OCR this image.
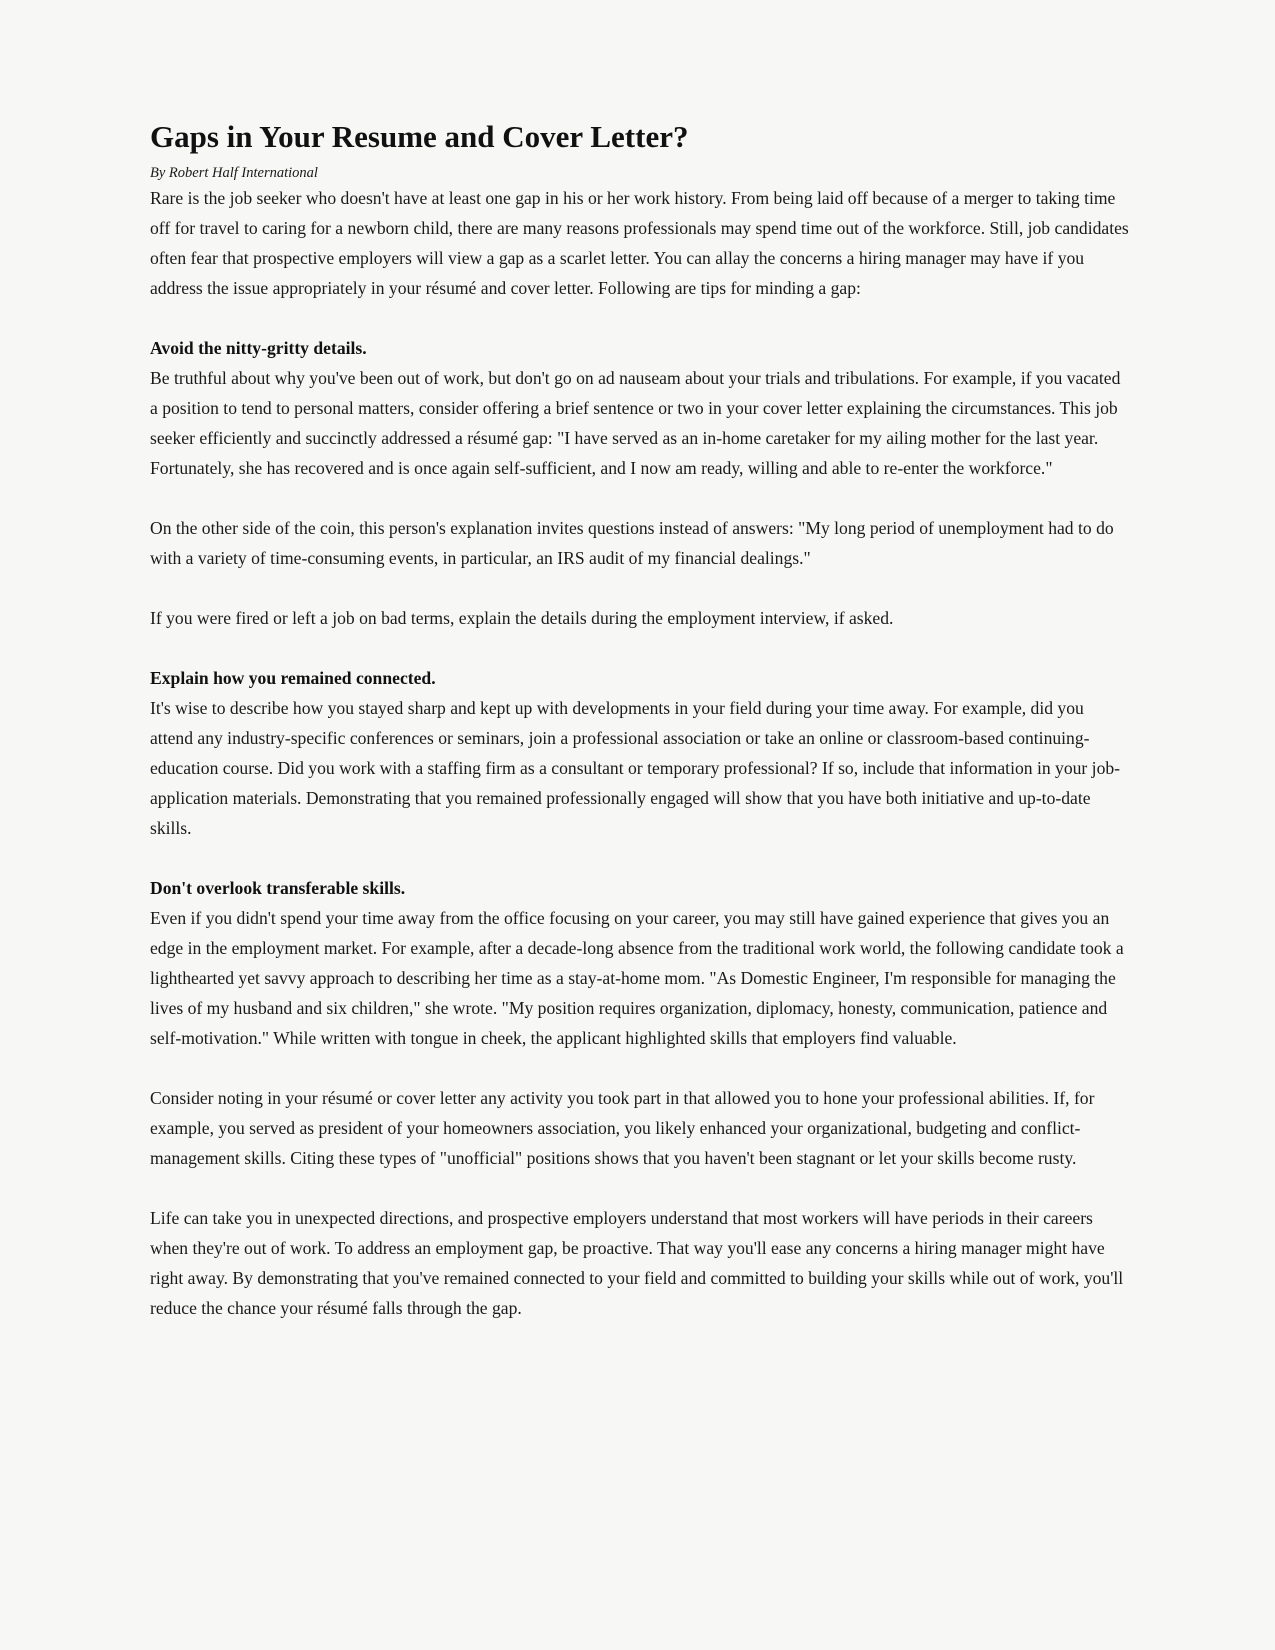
Gaps in Your Resume and Cover Letter?
By Robert Half International

Rare is the job seeker who doesn't have at least one gap in his or her work history. From being laid off because of a merger to taking time off for travel to caring for a newborn child, there are many reasons professionals may spend time out of the workforce. Still, job candidates often fear that prospective employers will view a gap as a scarlet letter. You can allay the concerns a hiring manager may have if you address the issue appropriately in your résumé and cover letter. Following are tips for minding a gap:

Avoid the nitty-gritty details.

Be truthful about why you've been out of work, but don't go on ad nauseam about your trials and tribulations. For example, if you vacated a position to tend to personal matters, consider offering a brief sentence or two in your cover letter explaining the circumstances. This job seeker efficiently and succinctly addressed a résumé gap: "I have served as an in-home caretaker for my ailing mother for the last year. Fortunately, she has recovered and is once again self-sufficient, and I now am ready, willing and able to re-enter the workforce."

On the other side of the coin, this person's explanation invites questions instead of answers: "My long period of unemployment had to do with a variety of time-consuming events, in particular, an IRS audit of my financial dealings."

If you were fired or left a job on bad terms, explain the details during the employment interview, if asked.

Explain how you remained connected.

It's wise to describe how you stayed sharp and kept up with developments in your field during your time away. For example, did you attend any industry-specific conferences or seminars, join a professional association or take an online or classroom-based continuing-education course. Did you work with a staffing firm as a consultant or temporary professional? If so, include that information in your job-application materials. Demonstrating that you remained professionally engaged will show that you have both initiative and up-to-date skills.

Don't overlook transferable skills.

Even if you didn't spend your time away from the office focusing on your career, you may still have gained experience that gives you an edge in the employment market. For example, after a decade-long absence from the traditional work world, the following candidate took a lighthearted yet savvy approach to describing her time as a stay-at-home mom. "As Domestic Engineer, I'm responsible for managing the lives of my husband and six children," she wrote. "My position requires organization, diplomacy, honesty, communication, patience and self-motivation." While written with tongue in cheek, the applicant highlighted skills that employers find valuable.

Consider noting in your résumé or cover letter any activity you took part in that allowed you to hone your professional abilities. If, for example, you served as president of your homeowners association, you likely enhanced your organizational, budgeting and conflict-management skills. Citing these types of "unofficial" positions shows that you haven't been stagnant or let your skills become rusty.

Life can take you in unexpected directions, and prospective employers understand that most workers will have periods in their careers when they're out of work. To address an employment gap, be proactive. That way you'll ease any concerns a hiring manager might have right away. By demonstrating that you've remained connected to your field and committed to building your skills while out of work, you'll reduce the chance your résumé falls through the gap.
